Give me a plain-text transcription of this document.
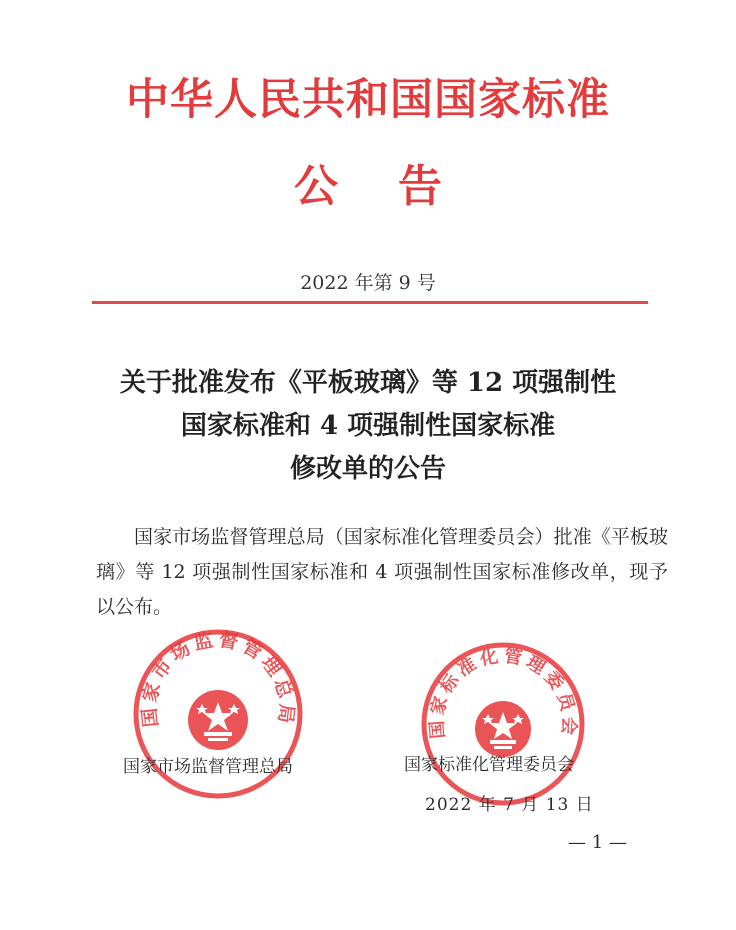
中华人民共和国国家标准
公告
2022 年第 9 号
关于批准发布《平板玻璃》等 12 项强制性
国家标准和 4 项强制性国家标准
修改单的公告
国家市场监督管理总局（国家标准化管理委员会）批准《平板玻璃》等 12 项强制性国家标准和 4 项强制性国家标准修改单，现予以公布。
国家市场监督管理总局	国家标准化管理委员会
国家市场监督管理总局	国家标准化管理委员会
2022 年 7 月 13 日
— 1 —
